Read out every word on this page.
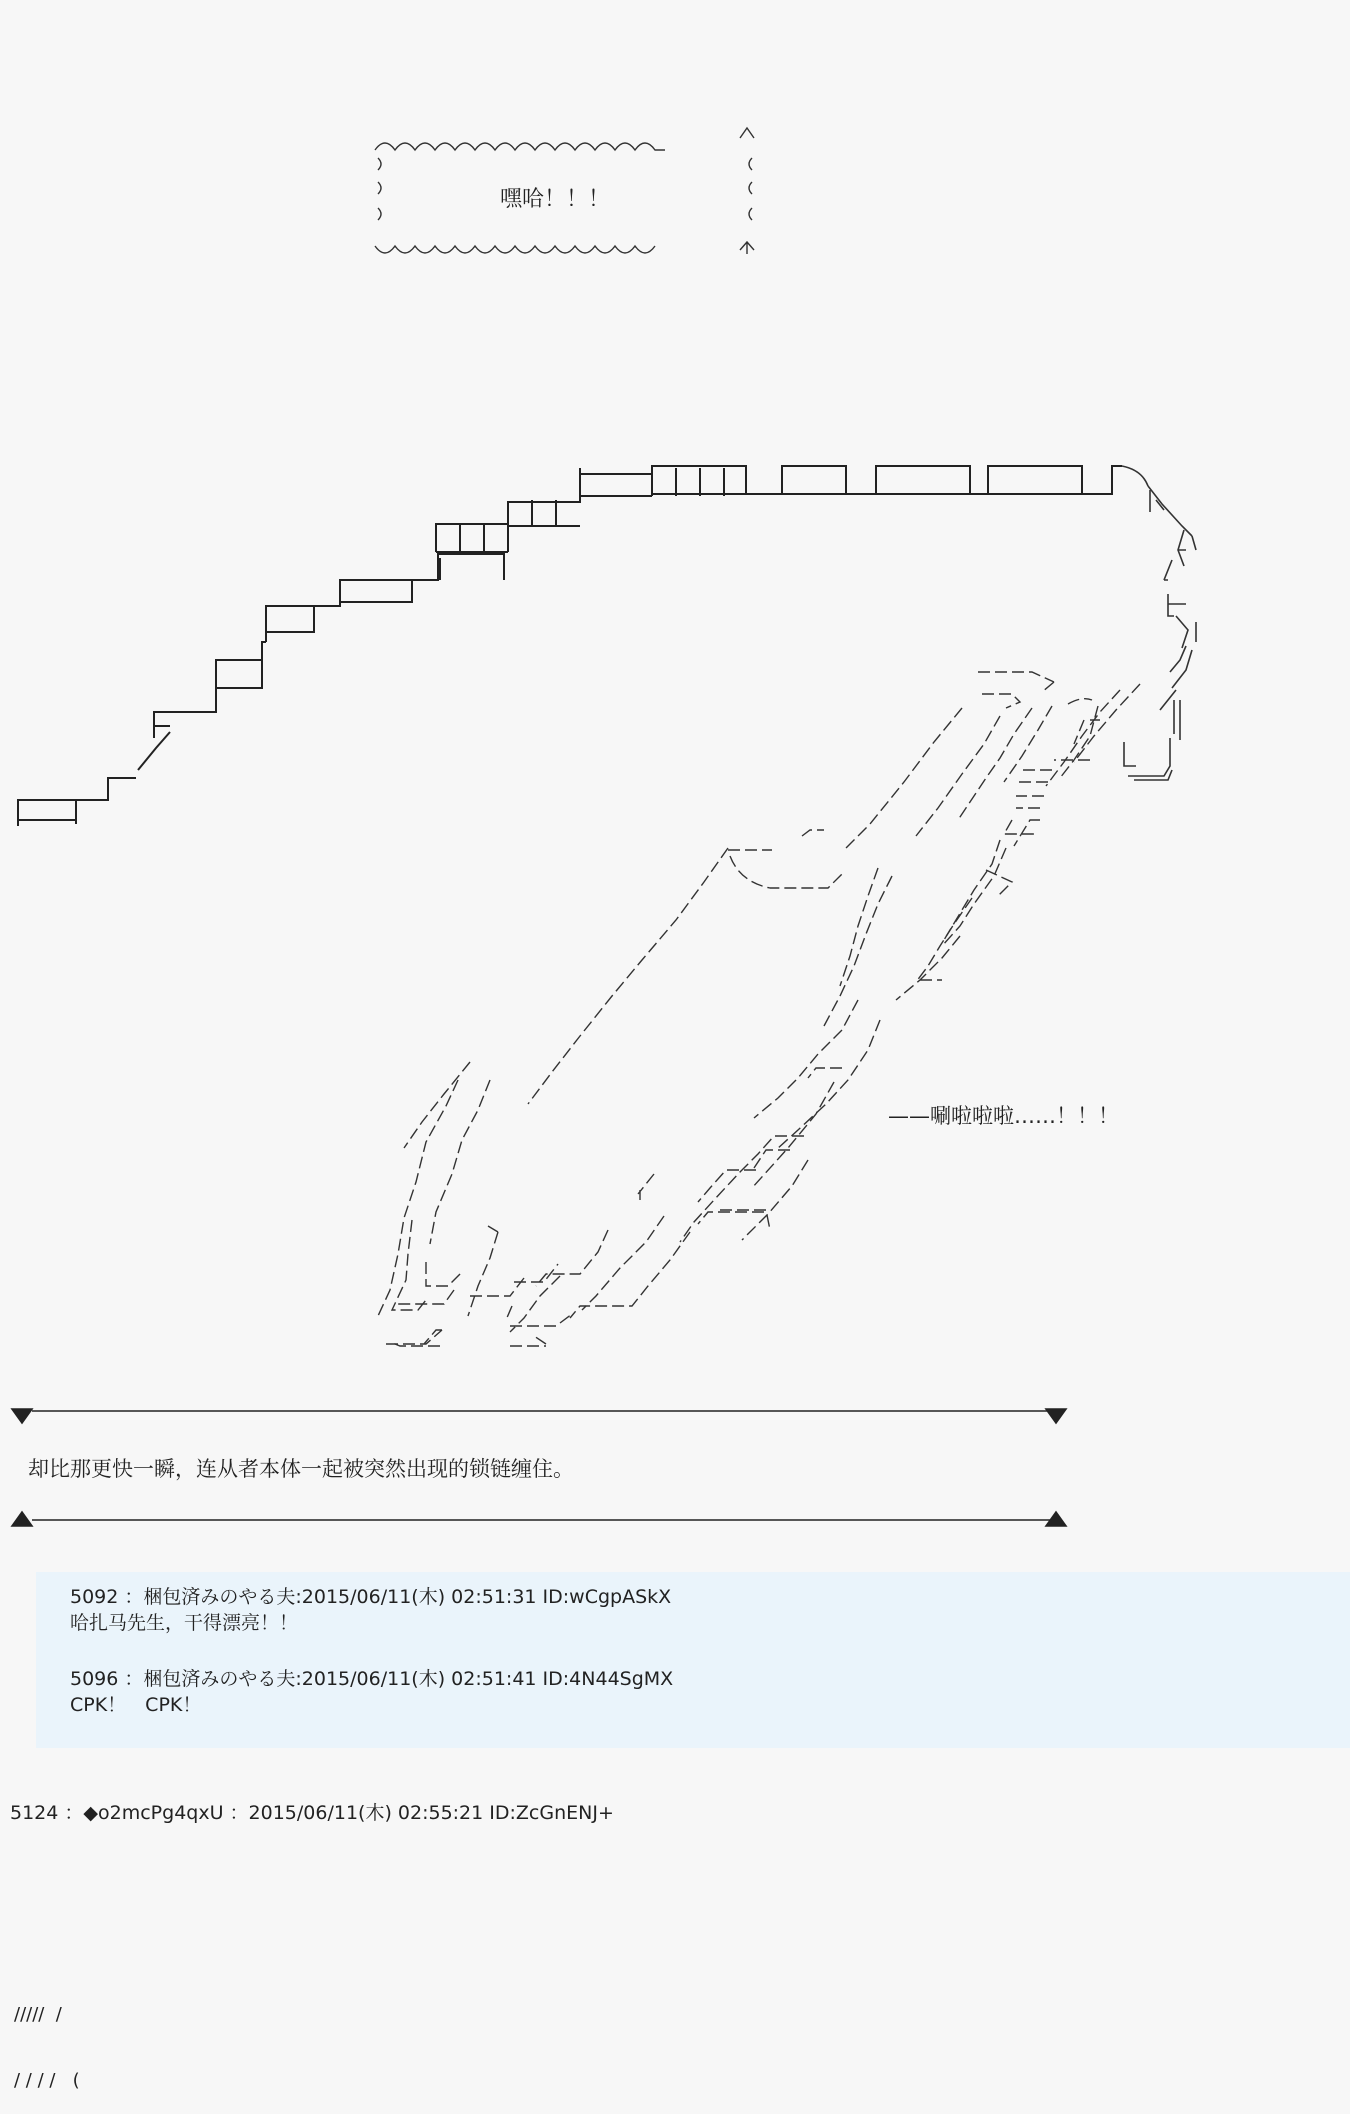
嘿哈！！！
——唰啦啦啦……！！！
却比那更快一瞬，连从者本体一起被突然出现的锁链缠住。
5092 ：梱包済みのやる夫:2015/06/11(木) 02:51:31 ID:wCgpASkX
哈扎马先生，干得漂亮！！
5096 ：梱包済みのやる夫:2015/06/11(木) 02:51:41 ID:4N44SgMX
CPK！　CPK！
5124 ：◆o2mcPg4qxU ：2015/06/11(木) 02:55:21 ID:ZcGnENJ+

/////  /

/ / / /   (
